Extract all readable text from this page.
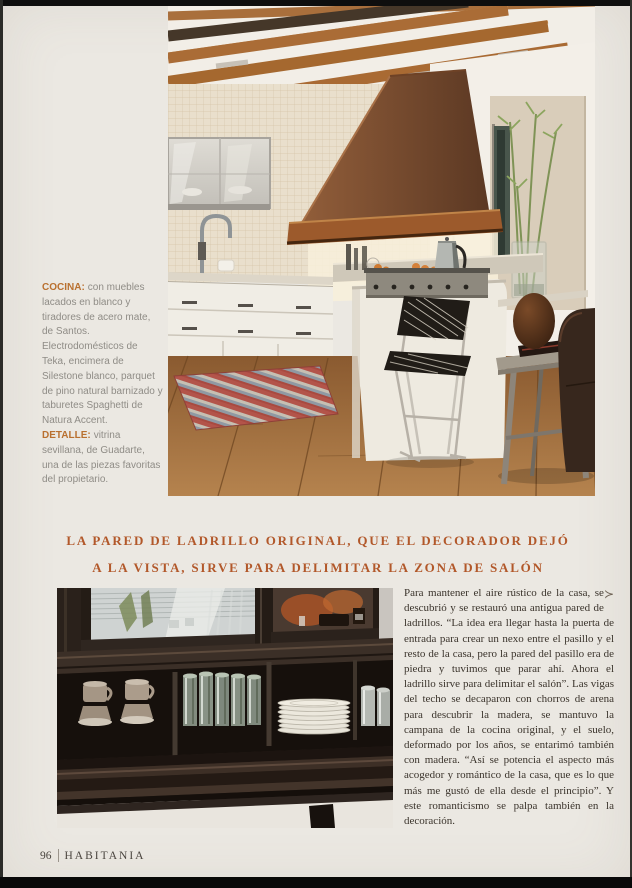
COCINA: con muebles lacados en blanco y tiradores de acero mate, de Santos. Electrodomésticos de Teka, encimera de Silestone blanco, parquet de pino natural barnizado y taburetes Spaghetti de Natura Accent.

DETALLE: vitrina sevillana, de Guadarte, una de las piezas favoritas del propietario.

LA PARED DE LADRILLO ORIGINAL, QUE EL DECORADOR DEJÓ
A LA VISTA, SIRVE PARA DELIMITAR LA ZONA DE SALÓN
≻

Para mantener el aire rústico de la casa, se descubrió y se restauró una antigua pared de ladrillos. “La idea era llegar hasta la puerta de entrada para crear un nexo entre el pasillo y el resto de la casa, pero la pared del pasillo era de piedra y tuvimos que parar ahí. Ahora el ladrillo sirve para delimitar el salón”. Las vigas del techo se decaparon con chorros de arena para descubrir la madera, se mantuvo la campana de la cocina original, y el suelo, deformado por los años, se entarimó también con madera. “Así se potencia el aspecto más acogedor y romántico de la casa, que es lo que más me gustó de ella desde el principio”. Y este romanticismo se palpa también en la decoración.

96 HABITANIA
